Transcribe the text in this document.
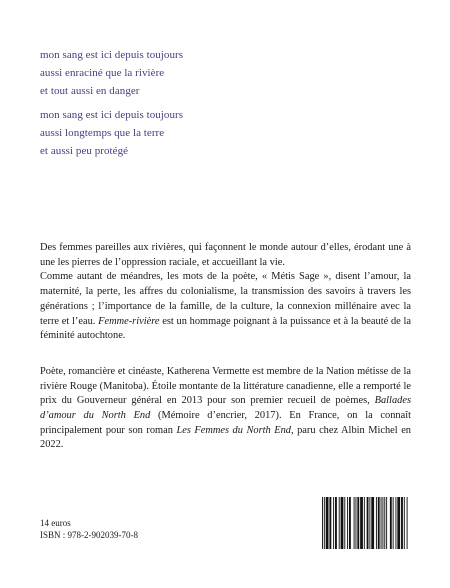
mon sang est ici depuis toujours
aussi enraciné que la rivière
et tout aussi en danger
mon sang est ici depuis toujours
aussi longtemps que la terre
et aussi peu protégé

Des femmes pareilles aux rivières, qui façonnent le monde autour d’elles, érodant une à une les pierres de l’oppression raciale, et accueillant la vie.
Comme autant de méandres, les mots de la poète, « Métis Sage », disent l’amour, la maternité, la perte, les affres du colonialisme, la transmission des savoirs à travers les générations ; l’importance de la famille, de la culture, la connexion millénaire avec la terre et l’eau. Femme-rivière est un hommage poignant à la puissance et à la beauté de la féminité autochtone.

Poète, romancière et cinéaste, Katherena Vermette est membre de la Nation métisse de la rivière Rouge (Manitoba). Étoile montante de la littérature canadienne, elle a remporté le prix du Gouverneur général en 2013 pour son premier recueil de poèmes, Ballades d’amour du North End (Mémoire d’encrier, 2017). En France, on la connaît principalement pour son roman Les Femmes du North End, paru chez Albin Michel en 2022.

14 euros
ISBN : 978-2-902039-70-8
